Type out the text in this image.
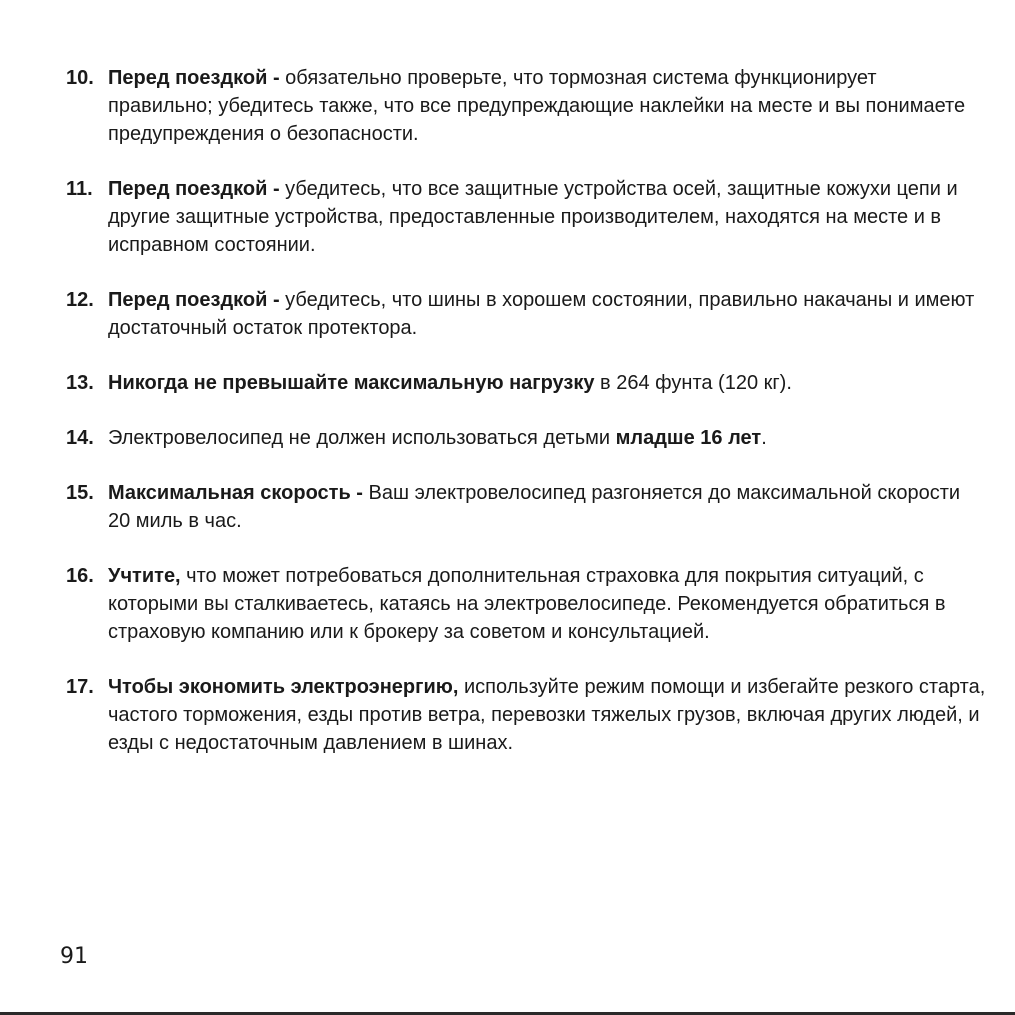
10. Перед поездкой - обязательно проверьте, что тормозная система функционирует правильно; убедитесь также, что все предупреждающие наклейки на месте и вы понимаете предупреждения о безопасности.
11. Перед поездкой - убедитесь, что все защитные устройства осей, защитные кожухи цепи и другие защитные устройства, предоставленные производителем, находятся на месте и в исправном состоянии.
12. Перед поездкой - убедитесь, что шины в хорошем состоянии, правильно накачаны и имеют достаточный остаток протектора.
13. Никогда не превышайте максимальную нагрузку в 264 фунта (120 кг).
14. Электровелосипед не должен использоваться детьми младше 16 лет.
15. Максимальная скорость - Ваш электровелосипед разгоняется до максимальной скорости 20 миль в час.
16. Учтите, что может потребоваться дополнительная страховка для покрытия ситуаций, с которыми вы сталкиваетесь, катаясь на электровелосипеде. Рекомендуется обратиться в страховую компанию или к брокеру за советом и консультацией.
17. Чтобы экономить электроэнергию, используйте режим помощи и избегайте резкого старта, частого торможения, езды против ветра, перевозки тяжелых грузов, включая других людей, и езды с недостаточным давлением в шинах.
91
